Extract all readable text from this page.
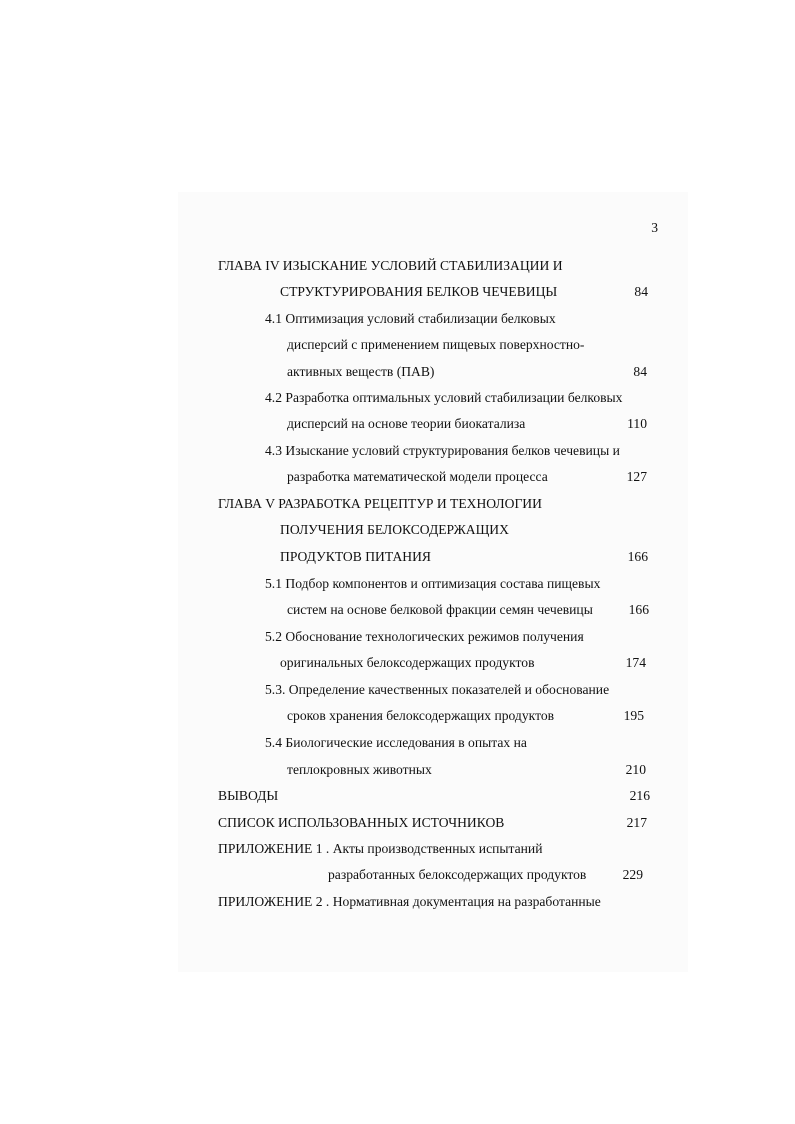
3
ГЛАВА IV ИЗЫСКАНИЕ УСЛОВИЙ СТАБИЛИЗАЦИИ И
СТРУКТУРИРОВАНИЯ БЕЛКОВ ЧЕЧЕВИЦЫ	84
4.1 Оптимизация условий стабилизации белковых
дисперсий с применением пищевых поверхностно-
активных веществ (ПАВ)	84
4.2 Разработка оптимальных условий стабилизации белковых
дисперсий на основе теории биокатализа	110
4.3 Изыскание условий структурирования белков чечевицы и
разработка математической модели процесса	127
ГЛАВА V РАЗРАБОТКА РЕЦЕПТУР И ТЕХНОЛОГИИ
ПОЛУЧЕНИЯ БЕЛОКСОДЕРЖАЩИХ
ПРОДУКТОВ ПИТАНИЯ	166
5.1 Подбор компонентов и оптимизация состава пищевых
систем на основе белковой фракции семян чечевицы	166
5.2 Обоснование технологических режимов получения
оригинальных белоксодержащих продуктов	174
5.3. Определение качественных показателей и обоснование
сроков хранения белоксодержащих продуктов	195
5.4 Биологические исследования в опытах на
теплокровных животных	210
ВЫВОДЫ	216
СПИСОК ИСПОЛЬЗОВАННЫХ ИСТОЧНИКОВ	217
ПРИЛОЖЕНИЕ 1 . Акты производственных испытаний
разработанных белоксодержащих продуктов	229
ПРИЛОЖЕНИЕ 2 . Нормативная документация на разработанные
